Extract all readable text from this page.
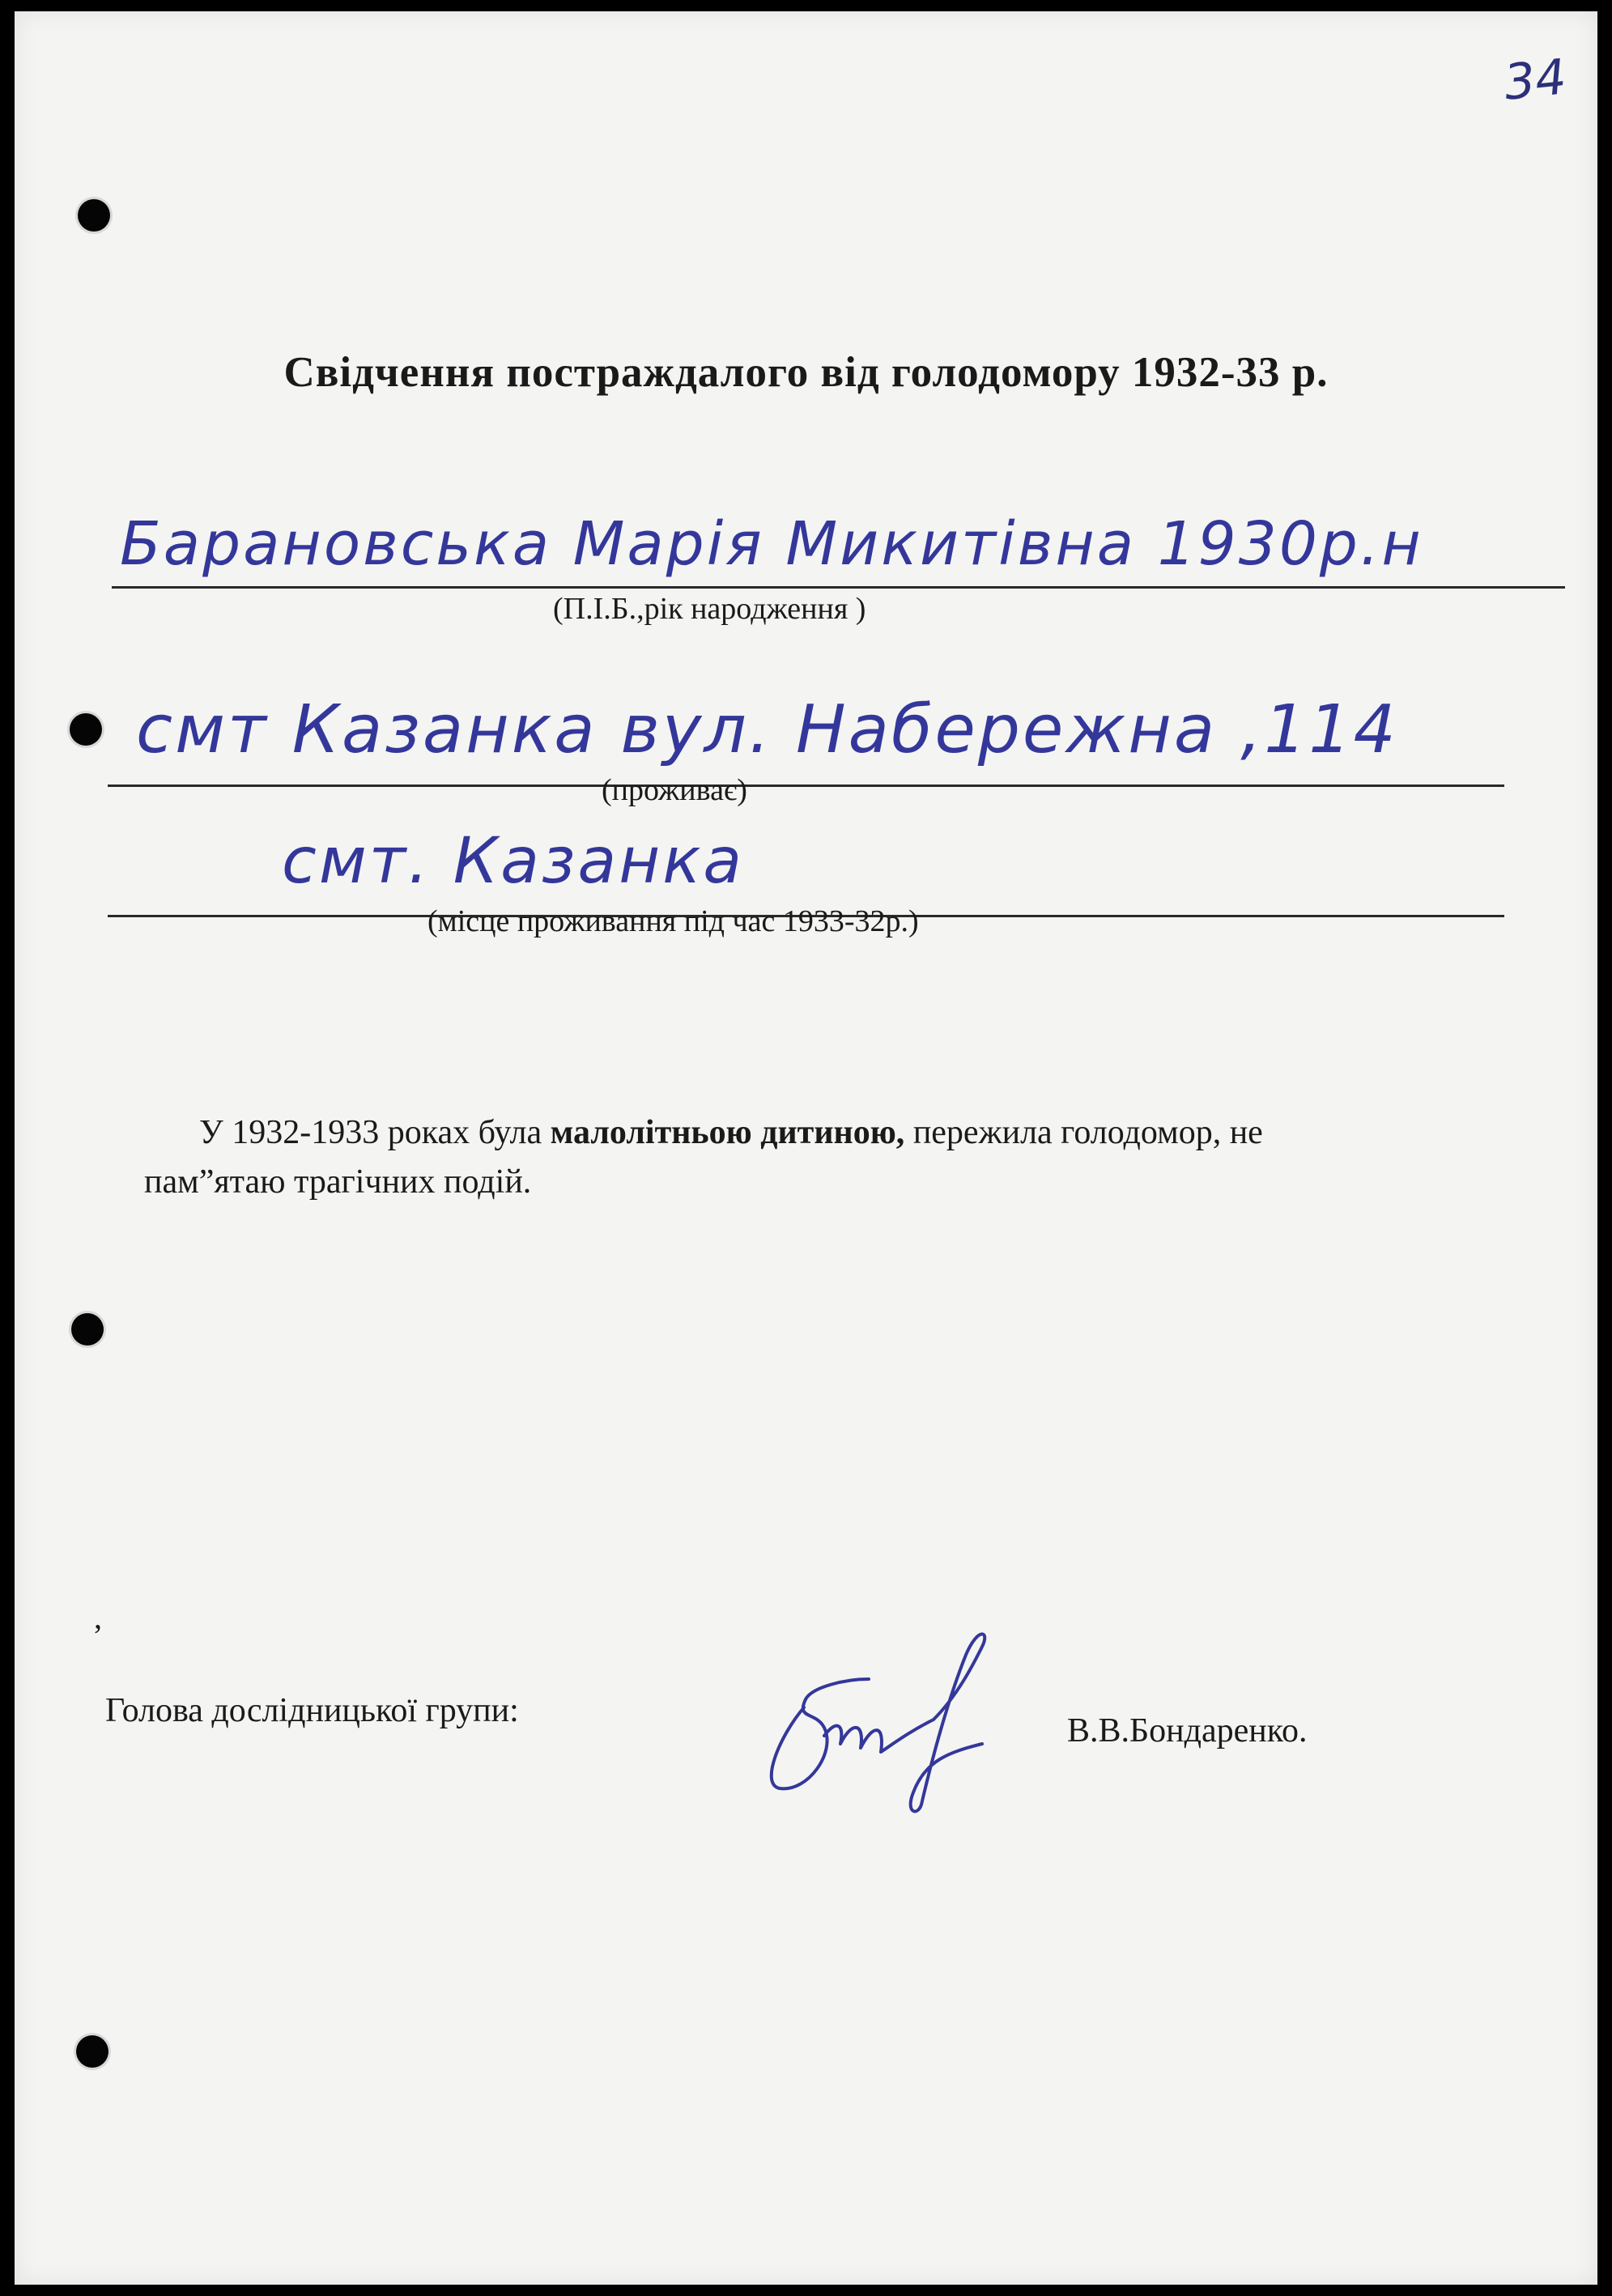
34
Свідчення постраждалого від голодомору 1932-33 р.
Барановська Марія Микитівна 1930р.н
(П.І.Б.,рік народження )
смт Казанка вул. Набережна ,114
(проживає)
смт. Казанка
(місце проживання під час 1933-32р.)
У 1932-1933 роках була малолітньою дитиною, пережила голодомор, не пам”ятаю трагічних подій.
,
Голова дослідницької групи:
В.В.Бондаренко.
